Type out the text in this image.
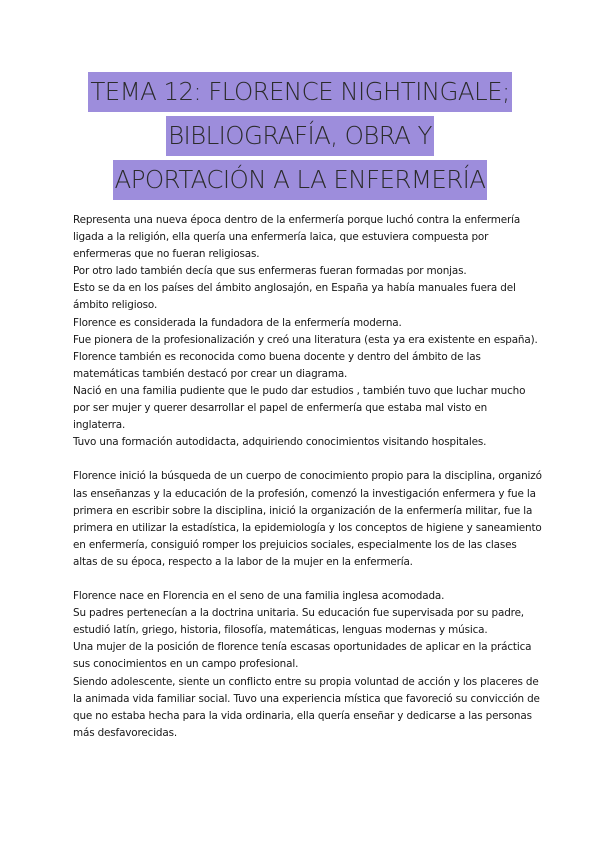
TEMA 12: FLORENCE NIGHTINGALE;
BIBLIOGRAFÍA, OBRA Y
APORTACIÓN A LA ENFERMERÍA
Representa una nueva época dentro de la enfermería porque luchó contra la enfermería
ligada a la religión, ella quería una enfermería laica, que estuviera compuesta por
enfermeras que no fueran religiosas.
Por otro lado también decía que sus enfermeras fueran formadas por monjas.
Esto se da en los países del ámbito anglosajón, en España ya había manuales fuera del
ámbito religioso.
Florence es considerada la fundadora de la enfermería moderna.
Fue pionera de la profesionalización y creó una literatura (esta ya era existente en españa).
Florence también es reconocida como buena docente y dentro del ámbito de las
matemáticas también destacó por crear un diagrama.
Nació en una familia pudiente que le pudo dar estudios , también tuvo que luchar mucho
por ser mujer y querer desarrollar el papel de enfermería que estaba mal visto en
inglaterra.
Tuvo una formación autodidacta, adquiriendo conocimientos visitando hospitales.
Florence inició la búsqueda de un cuerpo de conocimiento propio para la disciplina, organizó
las enseñanzas y la educación de la profesión, comenzó la investigación enfermera y fue la
primera en escribir sobre la disciplina, inició la organización de la enfermería militar, fue la
primera en utilizar la estadística, la epidemiología y los conceptos de higiene y saneamiento
en enfermería, consiguió romper los prejuicios sociales, especialmente los de las clases
altas de su época, respecto a la labor de la mujer en la enfermería.
Florence nace en Florencia en el seno de una familia inglesa acomodada.
Su padres pertenecían a la doctrina unitaria. Su educación fue supervisada por su padre,
estudió latín, griego, historia, filosofía, matemáticas, lenguas modernas y música.
Una mujer de la posición de florence tenía escasas oportunidades de aplicar en la práctica
sus conocimientos en un campo profesional.
Siendo adolescente, siente un conflicto entre su propia voluntad de acción y los placeres de
la animada vida familiar social. Tuvo una experiencia mística que favoreció su convicción de
que no estaba hecha para la vida ordinaria, ella quería enseñar y dedicarse a las personas
más desfavorecidas.
